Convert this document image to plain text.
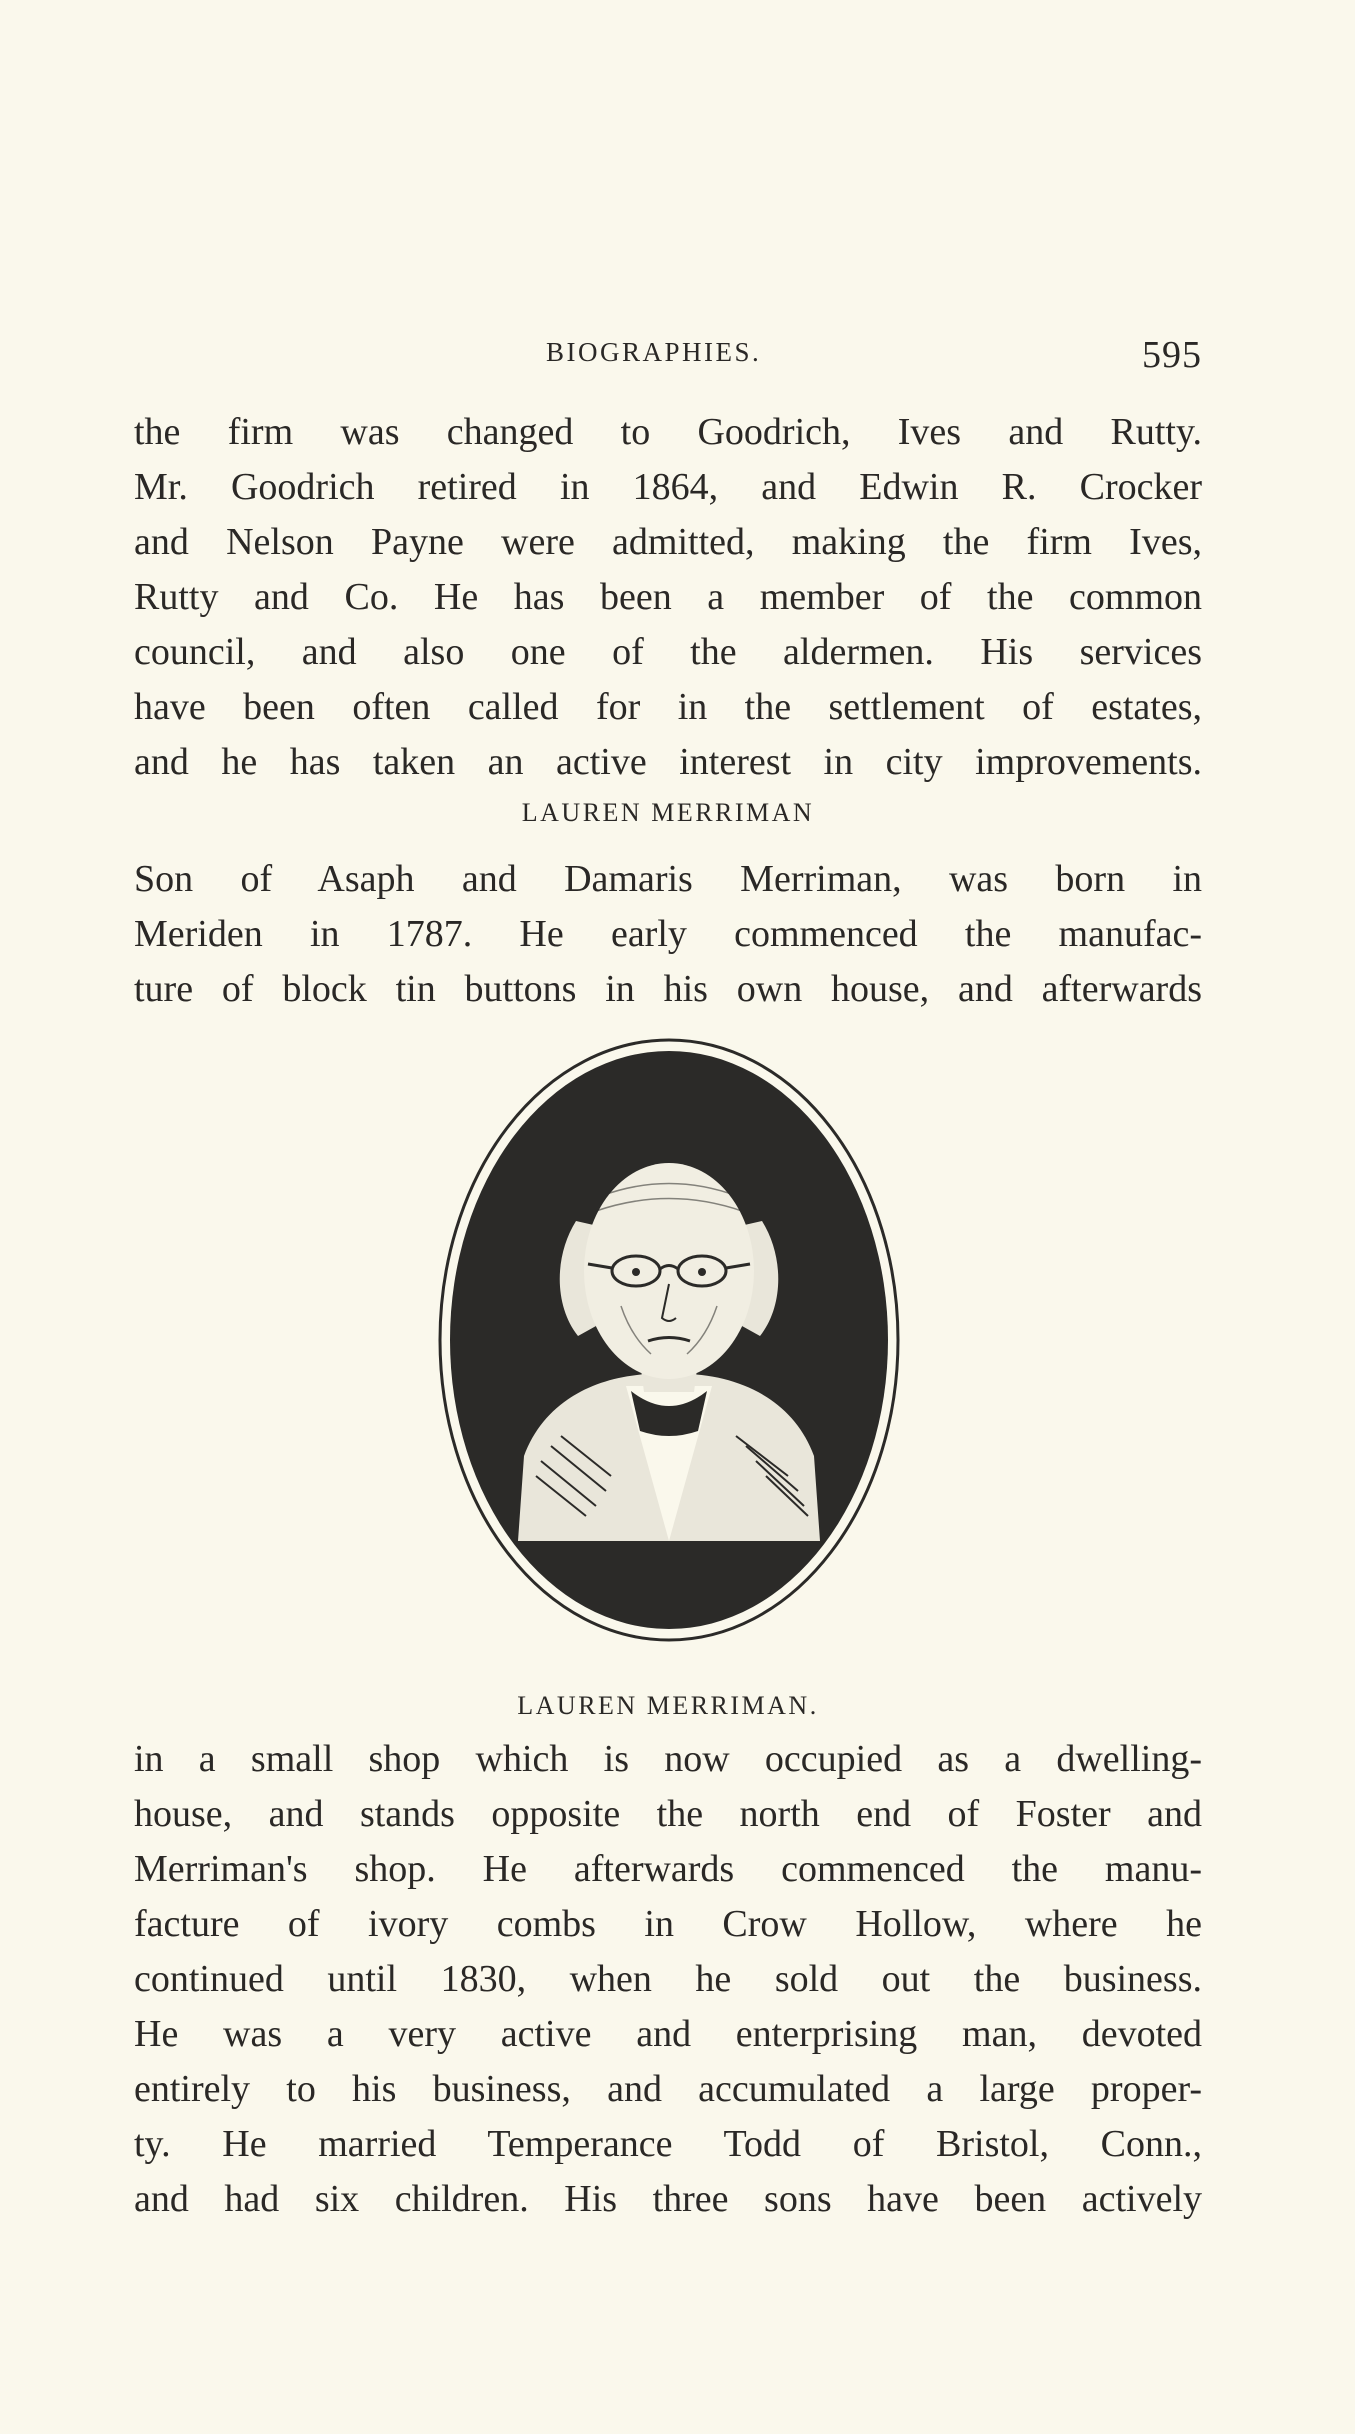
BIOGRAPHIES.	595
the firm was changed to Goodrich, Ives and Rutty.
Mr. Goodrich retired in 1864, and Edwin R. Crocker
and Nelson Payne were admitted, making the firm Ives,
Rutty and Co. He has been a member of the common
council, and also one of the aldermen. His services
have been often called for in the settlement of estates,
and he has taken an active interest in city improvements.
LAUREN MERRIMAN
Son of Asaph and Damaris Merriman, was born in
Meriden in 1787. He early commenced the manufac-
ture of block tin buttons in his own house, and afterwards
LAUREN MERRIMAN.
in a small shop which is now occupied as a dwelling-
house, and stands opposite the north end of Foster and
Merriman's shop. He afterwards commenced the manu-
facture of ivory combs in Crow Hollow, where he
continued until 1830, when he sold out the business.
He was a very active and enterprising man, devoted
entirely to his business, and accumulated a large proper-
ty. He married Temperance Todd of Bristol, Conn.,
and had six children. His three sons have been actively
